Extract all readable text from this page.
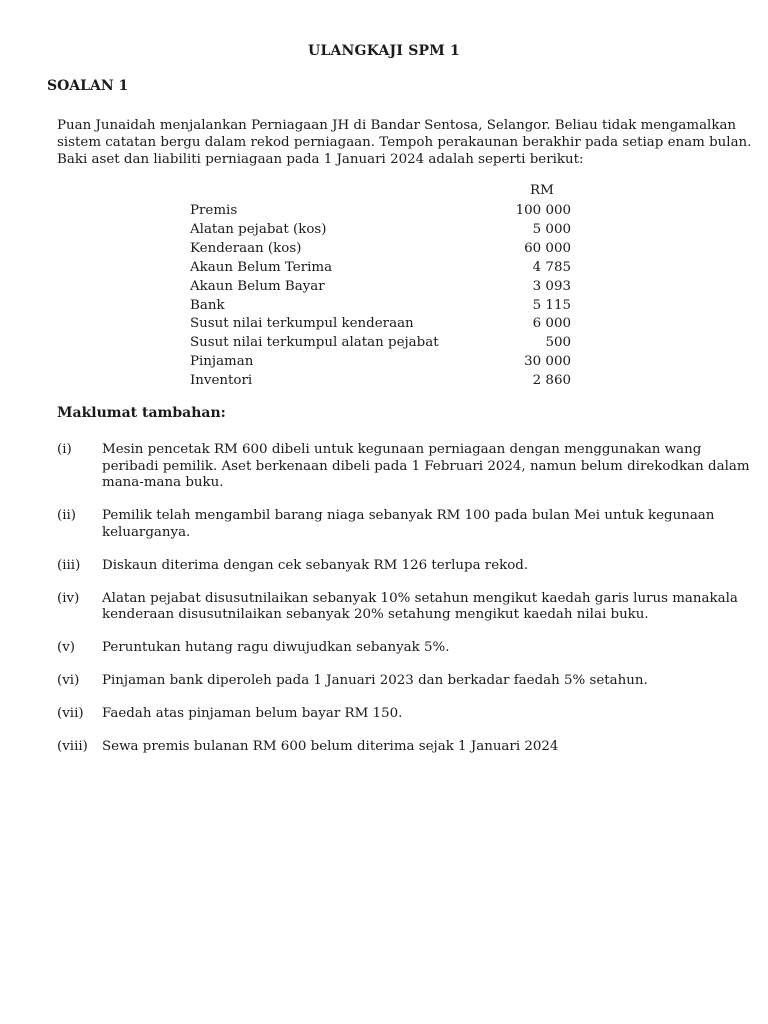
ULANGKAJI SPM 1
SOALAN 1
Puan Junaidah menjalankan Perniagaan JH di Bandar Sentosa, Selangor. Beliau tidak mengamalkan
sistem catatan bergu dalam rekod perniagaan. Tempoh perakaunan berakhir pada setiap enam bulan.
Baki aset dan liabiliti perniagaan pada 1 Januari 2024 adalah seperti berikut:
RM
Premis	100 000
Alatan pejabat (kos)	5 000
Kenderaan (kos)	60 000
Akaun Belum Terima	4 785
Akaun Belum Bayar	3 093
Bank	5 115
Susut nilai terkumpul kenderaan	6 000
Susut nilai terkumpul alatan pejabat	500
Pinjaman	30 000
Inventori	2 860
Maklumat tambahan:
(i)	Mesin pencetak RM 600 dibeli untuk kegunaan perniagaan dengan menggunakan wang
peribadi pemilik. Aset berkenaan dibeli pada 1 Februari 2024, namun belum direkodkan dalam
mana-mana buku.
(ii)	Pemilik telah mengambil barang niaga sebanyak RM 100 pada bulan Mei untuk kegunaan
keluarganya.
(iii)	Diskaun diterima dengan cek sebanyak RM 126 terlupa rekod.
(iv)	Alatan pejabat disusutnilaikan sebanyak 10% setahun mengikut kaedah garis lurus manakala
kenderaan disusutnilaikan sebanyak 20% setahung mengikut kaedah nilai buku.
(v)	Peruntukan hutang ragu diwujudkan sebanyak 5%.
(vi)	Pinjaman bank diperoleh pada 1 Januari 2023 dan berkadar faedah 5% setahun.
(vii)	Faedah atas pinjaman belum bayar RM 150.
(viii)	Sewa premis bulanan RM 600 belum diterima sejak 1 Januari 2024
